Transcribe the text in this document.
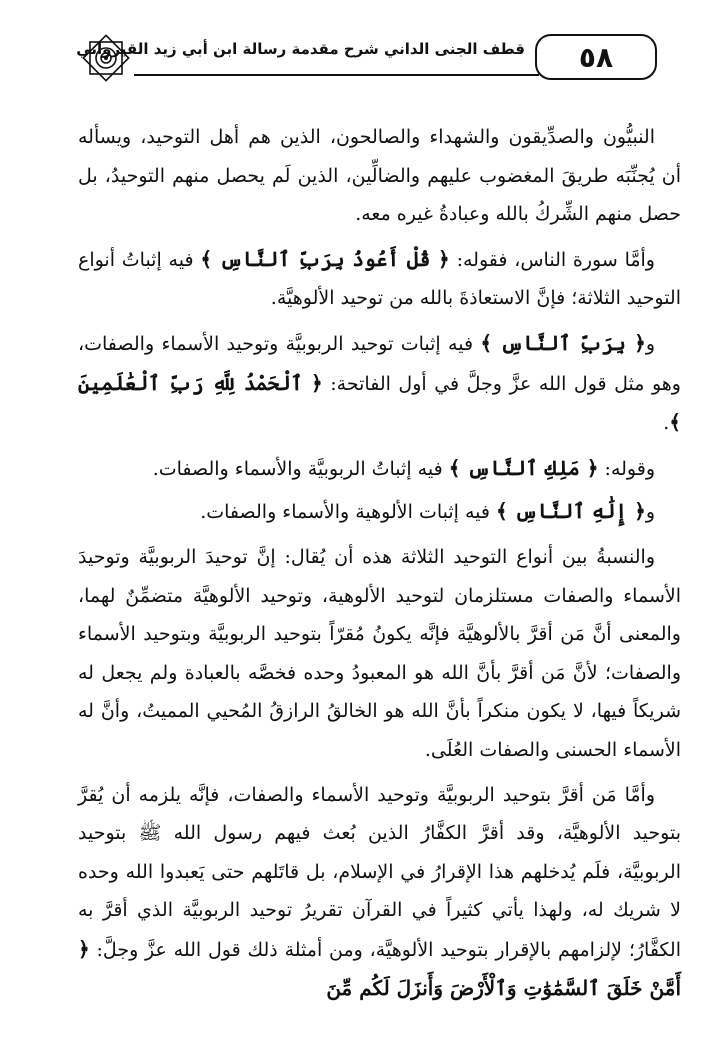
قطف الجنى الداني شرح مقدمة رسالة ابن أبي زيد القيرواني	٥٨

النبيُّون والصدِّيقون والشهداء والصالحون، الذين هم أهل التوحيد، ويسأله أن يُجنِّبَه طريقَ المغضوب عليهم والضالِّين، الذين لَم يحصل منهم التوحيدُ، بل حصل منهم الشِّركُ بالله وعبادةُ غيره معه.

وأمَّا سورة الناس، فقوله: ﴿ قُلْ أَعُوذُ بِرَبِّ ٱلنَّاسِ ﴾ فيه إثباتُ أنواع التوحيد الثلاثة؛ فإنَّ الاستعاذةَ بالله من توحيد الألوهيَّة.

و﴿ بِرَبِّ ٱلنَّاسِ ﴾ فيه إثبات توحيد الربوبيَّة وتوحيد الأسماء والصفات، وهو مثل قول الله عزَّ وجلَّ في أول الفاتحة: ﴿ ٱلْحَمْدُ لِلَّهِ رَبِّ ٱلْعَٰلَمِينَ ﴾.

وقوله: ﴿ مَلِكِ ٱلنَّاسِ ﴾ فيه إثباتُ الربوبيَّة والأسماء والصفات.

و﴿ إِلَٰهِ ٱلنَّاسِ ﴾ فيه إثبات الألوهية والأسماء والصفات.

والنسبةُ بين أنواع التوحيد الثلاثة هذه أن يُقال: إنَّ توحيدَ الربوبيَّة وتوحيدَ الأسماء والصفات مستلزمان لتوحيد الألوهية، وتوحيد الألوهيَّة متضمِّنٌ لهما، والمعنى أنَّ مَن أقرَّ بالألوهيَّة فإنَّه يكونُ مُقرّاً بتوحيد الربوبيَّة وبتوحيد الأسماء والصفات؛ لأنَّ مَن أقرَّ بأنَّ الله هو المعبودُ وحده فخصَّه بالعبادة ولم يجعل له شريكاً فيها، لا يكون منكراً بأنَّ الله هو الخالقُ الرازقُ المُحيي المميتُ، وأنَّ له الأسماء الحسنى والصفات العُلَى.

وأمَّا مَن أقرَّ بتوحيد الربوبيَّة وتوحيد الأسماء والصفات، فإنَّه يلزمه أن يُقرَّ بتوحيد الألوهيَّة، وقد أقرَّ الكفَّارُ الذين بُعث فيهم رسول الله ﷺ بتوحيد الربوبيَّة، فلَم يُدخلهم هذا الإقرارُ في الإسلام، بل قاتَلهم حتى يَعبدوا الله وحده لا شريك له، ولهذا يأتي كثيراً في القرآن تقريرُ توحيد الربوبيَّة الذي أقرَّ به الكفَّارُ؛ لإلزامهم بالإقرار بتوحيد الألوهيَّة، ومن أمثلة ذلك قول الله عزَّ وجلَّ: ﴿ أَمَّنْ خَلَقَ ٱلسَّمَٰوَٰتِ وَٱلْأَرْضَ وَأَنزَلَ لَكُم مِّنَ
